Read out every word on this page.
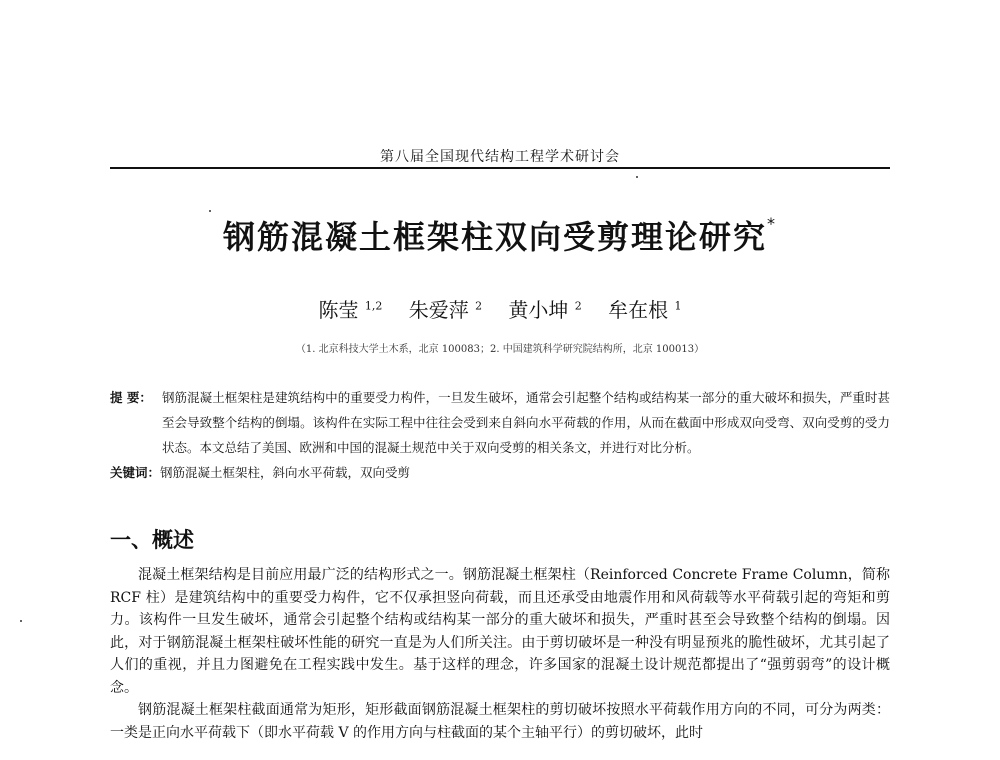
第八届全国现代结构工程学术研讨会
钢筋混凝土框架柱双向受剪理论研究*
陈莹 $^{1,2}$ 朱爱萍 $^2$ 黄小坤 $^2$ 牟在根 $^1$
（1. 北京科技大学土木系，北京 100083；2. 中国建筑科学研究院结构所，北京 100013）
提 要： 钢筋混凝土框架柱是建筑结构中的重要受力构件，一旦发生破坏，通常会引起整个结构或结构某一部分的重大破坏和损失，严重时甚至会导致整个结构的倒塌。该构件在实际工程中往往会受到来自斜向水平荷载的作用，从而在截面中形成双向受弯、双向受剪的受力状态。本文总结了美国、欧洲和中国的混凝土规范中关于双向受剪的相关条文，并进行对比分析。
关键词：钢筋混凝土框架柱，斜向水平荷载，双向受剪
一、概述

混凝土框架结构是目前应用最广泛的结构形式之一。钢筋混凝土框架柱（Reinforced Concrete Frame Column，简称 RCF 柱）是建筑结构中的重要受力构件，它不仅承担竖向荷载，而且还承受由地震作用和风荷载等水平荷载引起的弯矩和剪力。该构件一旦发生破坏，通常会引起整个结构或结构某一部分的重大破坏和损失，严重时甚至会导致整个结构的倒塌。因此，对于钢筋混凝土框架柱破坏性能的研究一直是为人们所关注。由于剪切破坏是一种没有明显预兆的脆性破坏，尤其引起了人们的重视，并且力图避免在工程实践中发生。基于这样的理念，许多国家的混凝土设计规范都提出了“强剪弱弯”的设计概念。

钢筋混凝土框架柱截面通常为矩形，矩形截面钢筋混凝土框架柱的剪切破坏按照水平荷载作用方向的不同，可分为两类：一类是正向水平荷载下（即水平荷载 V 的作用方向与柱截面的某个主轴平行）的剪切破坏，此时
